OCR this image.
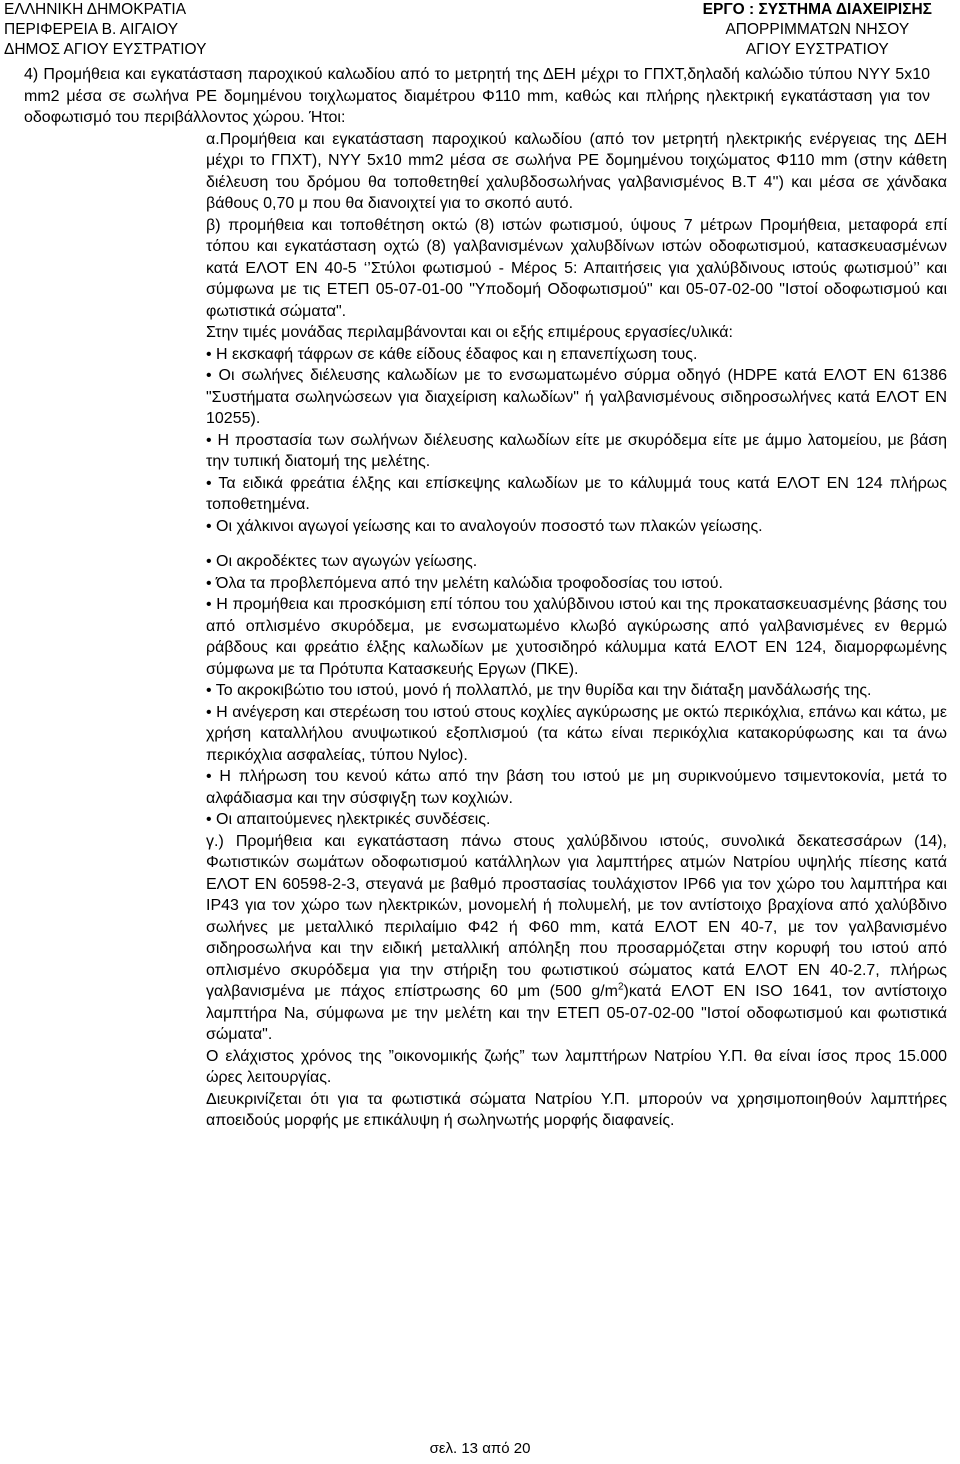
ΕΛΛΗΝΙΚΗ ΔΗΜΟΚΡΑΤΙΑ
ΠΕΡΙΦΕΡΕΙΑ Β. ΑΙΓΑΙΟΥ
ΔΗΜΟΣ ΑΓΙΟΥ ΕΥΣΤΡΑΤΙΟΥ
ΕΡΓΟ : ΣΥΣΤΗΜΑ ΔΙΑΧΕΙΡΙΣΗΣ
ΑΠΟΡΡΙΜΜΑΤΩΝ ΝΗΣΟΥ
ΑΓΙΟΥ ΕΥΣΤΡΑΤΙΟΥ

4) Προμήθεια και εγκατάσταση παροχικού καλωδίου από το μετρητή της ΔΕΗ μέχρι το ΓΠΧΤ,δηλαδή καλώδιο τύπου ΝΥΥ 5x10 mm2 μέσα σε σωλήνα PE δομημένου τοιχλωματος διαμέτρου Φ110 mm, καθώς και πλήρης ηλεκτρική εγκατάσταση για τον οδοφωτισμό του περιβάλλοντος χώρου. Ήτοι:

α.Προμήθεια και εγκατάσταση παροχικού καλωδίου (από τον μετρητή ηλεκτρικής ενέργειας της ΔΕΗ μέχρι το ΓΠΧΤ), ΝΥΥ 5x10 mm2 μέσα σε σωλήνα PE δομημένου τοιχώματος Φ110 mm (στην κάθετη διέλευση του δρόμου θα τοποθετηθεί χαλυβδοσωλήνας γαλβανισμένος Β.Τ 4'') και μέσα σε χάνδακα βάθους 0,70 μ που θα διανοιχτεί για το σκοπό αυτό.

β) προμήθεια και τοποθέτηση οκτώ (8) ιστών φωτισμού, ύψους 7 μέτρων Προμήθεια, μεταφορά επί τόπου και εγκατάσταση οχτώ (8) γαλβανισμένων χαλυβδίνων ιστών οδοφωτισμού, κατασκευασμένων κατά ΕΛΟΤ ΕΝ 40-5 ‘’Στύλοι φωτισμού - Μέρος 5: Απαιτήσεις για χαλύβδινους ιστούς φωτισμού’’ και σύμφωνα με τις ΕΤΕΠ 05-07-01-00 "Υποδομή Οδοφωτισμού" και 05-07-02-00 "Ιστοί οδοφωτισμού και φωτιστικά σώματα".

Στην τιμές μονάδας περιλαμβάνονται και οι εξής επιμέρους εργασίες/υλικά:

• Η εκσκαφή τάφρων σε κάθε είδους έδαφος και η επανεπίχωση τους.

• Οι σωλήνες διέλευσης καλωδίων με το ενσωματωμένο σύρμα οδηγό (HDPE κατά ΕΛΟΤ ΕΝ 61386 "Συστήματα σωληνώσεων για διαχείριση καλωδίων" ή γαλβανισμένους σιδηροσωλήνες κατά ΕΛΟΤ ΕΝ 10255).

• Η προστασία των σωλήνων διέλευσης καλωδίων είτε με σκυρόδεμα είτε με άμμο λατομείου, με βάση την τυπική διατομή της μελέτης.

• Τα ειδικά φρεάτια έλξης και επίσκεψης καλωδίων με το κάλυμμά τους κατά ΕΛΟΤ ΕΝ 124 πλήρως τοποθετημένα.

• Οι χάλκινοι αγωγοί γείωσης και το αναλογούν ποσοστό των πλακών γείωσης.

• Οι ακροδέκτες των αγωγών γείωσης.

• Όλα τα προβλεπόμενα από την μελέτη καλώδια τροφοδοσίας του ιστού.

• Η προμήθεια και προσκόμιση επί τόπου του χαλύβδινου ιστού και της προκατασκευασμένης βάσης του από οπλισμένο σκυρόδεμα, με ενσωματωμένο κλωβό αγκύρωσης από γαλβανισμένες εν θερμώ ράβδους και φρεάτιο έλξης καλωδίων με χυτοσιδηρό κάλυμμα κατά ΕΛΟΤ ΕΝ 124, διαμορφωμένης σύμφωνα με τα Πρότυπα Κατασκευής Εργων (ΠΚΕ).

• Το ακροκιβώτιο του ιστού, μονό ή πολλαπλό, με την θυρίδα και την διάταξη μανδάλωσής της.

• Η ανέγερση και στερέωση του ιστού στους κοχλίες αγκύρωσης με οκτώ περικόχλια, επάνω και κάτω, με χρήση καταλλήλου ανυψωτικού εξοπλισμού (τα κάτω είναι περικόχλια κατακορύφωσης και τα άνω περικόχλια ασφαλείας, τύπου Nyloc).

• Η πλήρωση του κενού κάτω από την βάση του ιστού με μη συρικνούμενο τσιμεντοκονία, μετά το αλφάδιασμα και την σύσφιγξη των κοχλιών.

• Οι απαιτούμενες ηλεκτρικές συνδέσεις.

γ.) Προμήθεια και εγκατάσταση πάνω στους χαλύβδινου ιστούς, συνολικά δεκατεσσάρων (14), Φωτιστικών σωμάτων οδοφωτισμού κατάλληλων για λαμπτήρες ατμών Νατρίου υψηλής πίεσης κατά ΕΛΟΤ ΕΝ 60598-2-3, στεγανά με βαθμό προστασίας τουλάχιστον IP66 για τον χώρο του λαμπτήρα και IP43 για τον χώρο των ηλεκτρικών, μονομελή ή πολυμελή, με τον αντίστοιχο βραχίονα από χαλύβδινο σωλήνες με μεταλλικό περιλαίμιο Φ42 ή Φ60 mm, κατά ΕΛΟΤ ΕΝ 40-7, με τον γαλβανισμένο σιδηροσωλήνα και την ειδική μεταλλική απόληξη που προσαρμόζεται στην κορυφή του ιστού από οπλισμένο σκυρόδεμα για την στήριξη του φωτιστικού σώματος κατά ΕΛΟΤ ΕΝ 40-2.7, πλήρως γαλβανισμένα με πάχος επίστρωσης 60 μm (500 $g/m^2)\kappa\alpha\tau ά$ ΕΛΟΤ ΕΝ ISO 1641, τον αντίστοιχο λαμπτήρα Na, σύμφωνα με την μελέτη και την ΕΤΕΠ 05-07-02-00 "Ιστοί οδοφωτισμού και φωτιστικά σώματα".

Ο ελάχιστος χρόνος της ”οικονομικής ζωής” των λαμπτήρων Νατρίου Υ.Π. θα είναι ίσος προς 15.000 ώρες λειτουργίας.

Διευκρινίζεται ότι για τα φωτιστικά σώματα Νατρίου Υ.Π. μπορούν να χρησιμοποιηθούν λαμπτήρες αποειδούς μορφής με επικάλυψη ή σωληνωτής μορφής διαφανείς.

σελ. 13 από 20
